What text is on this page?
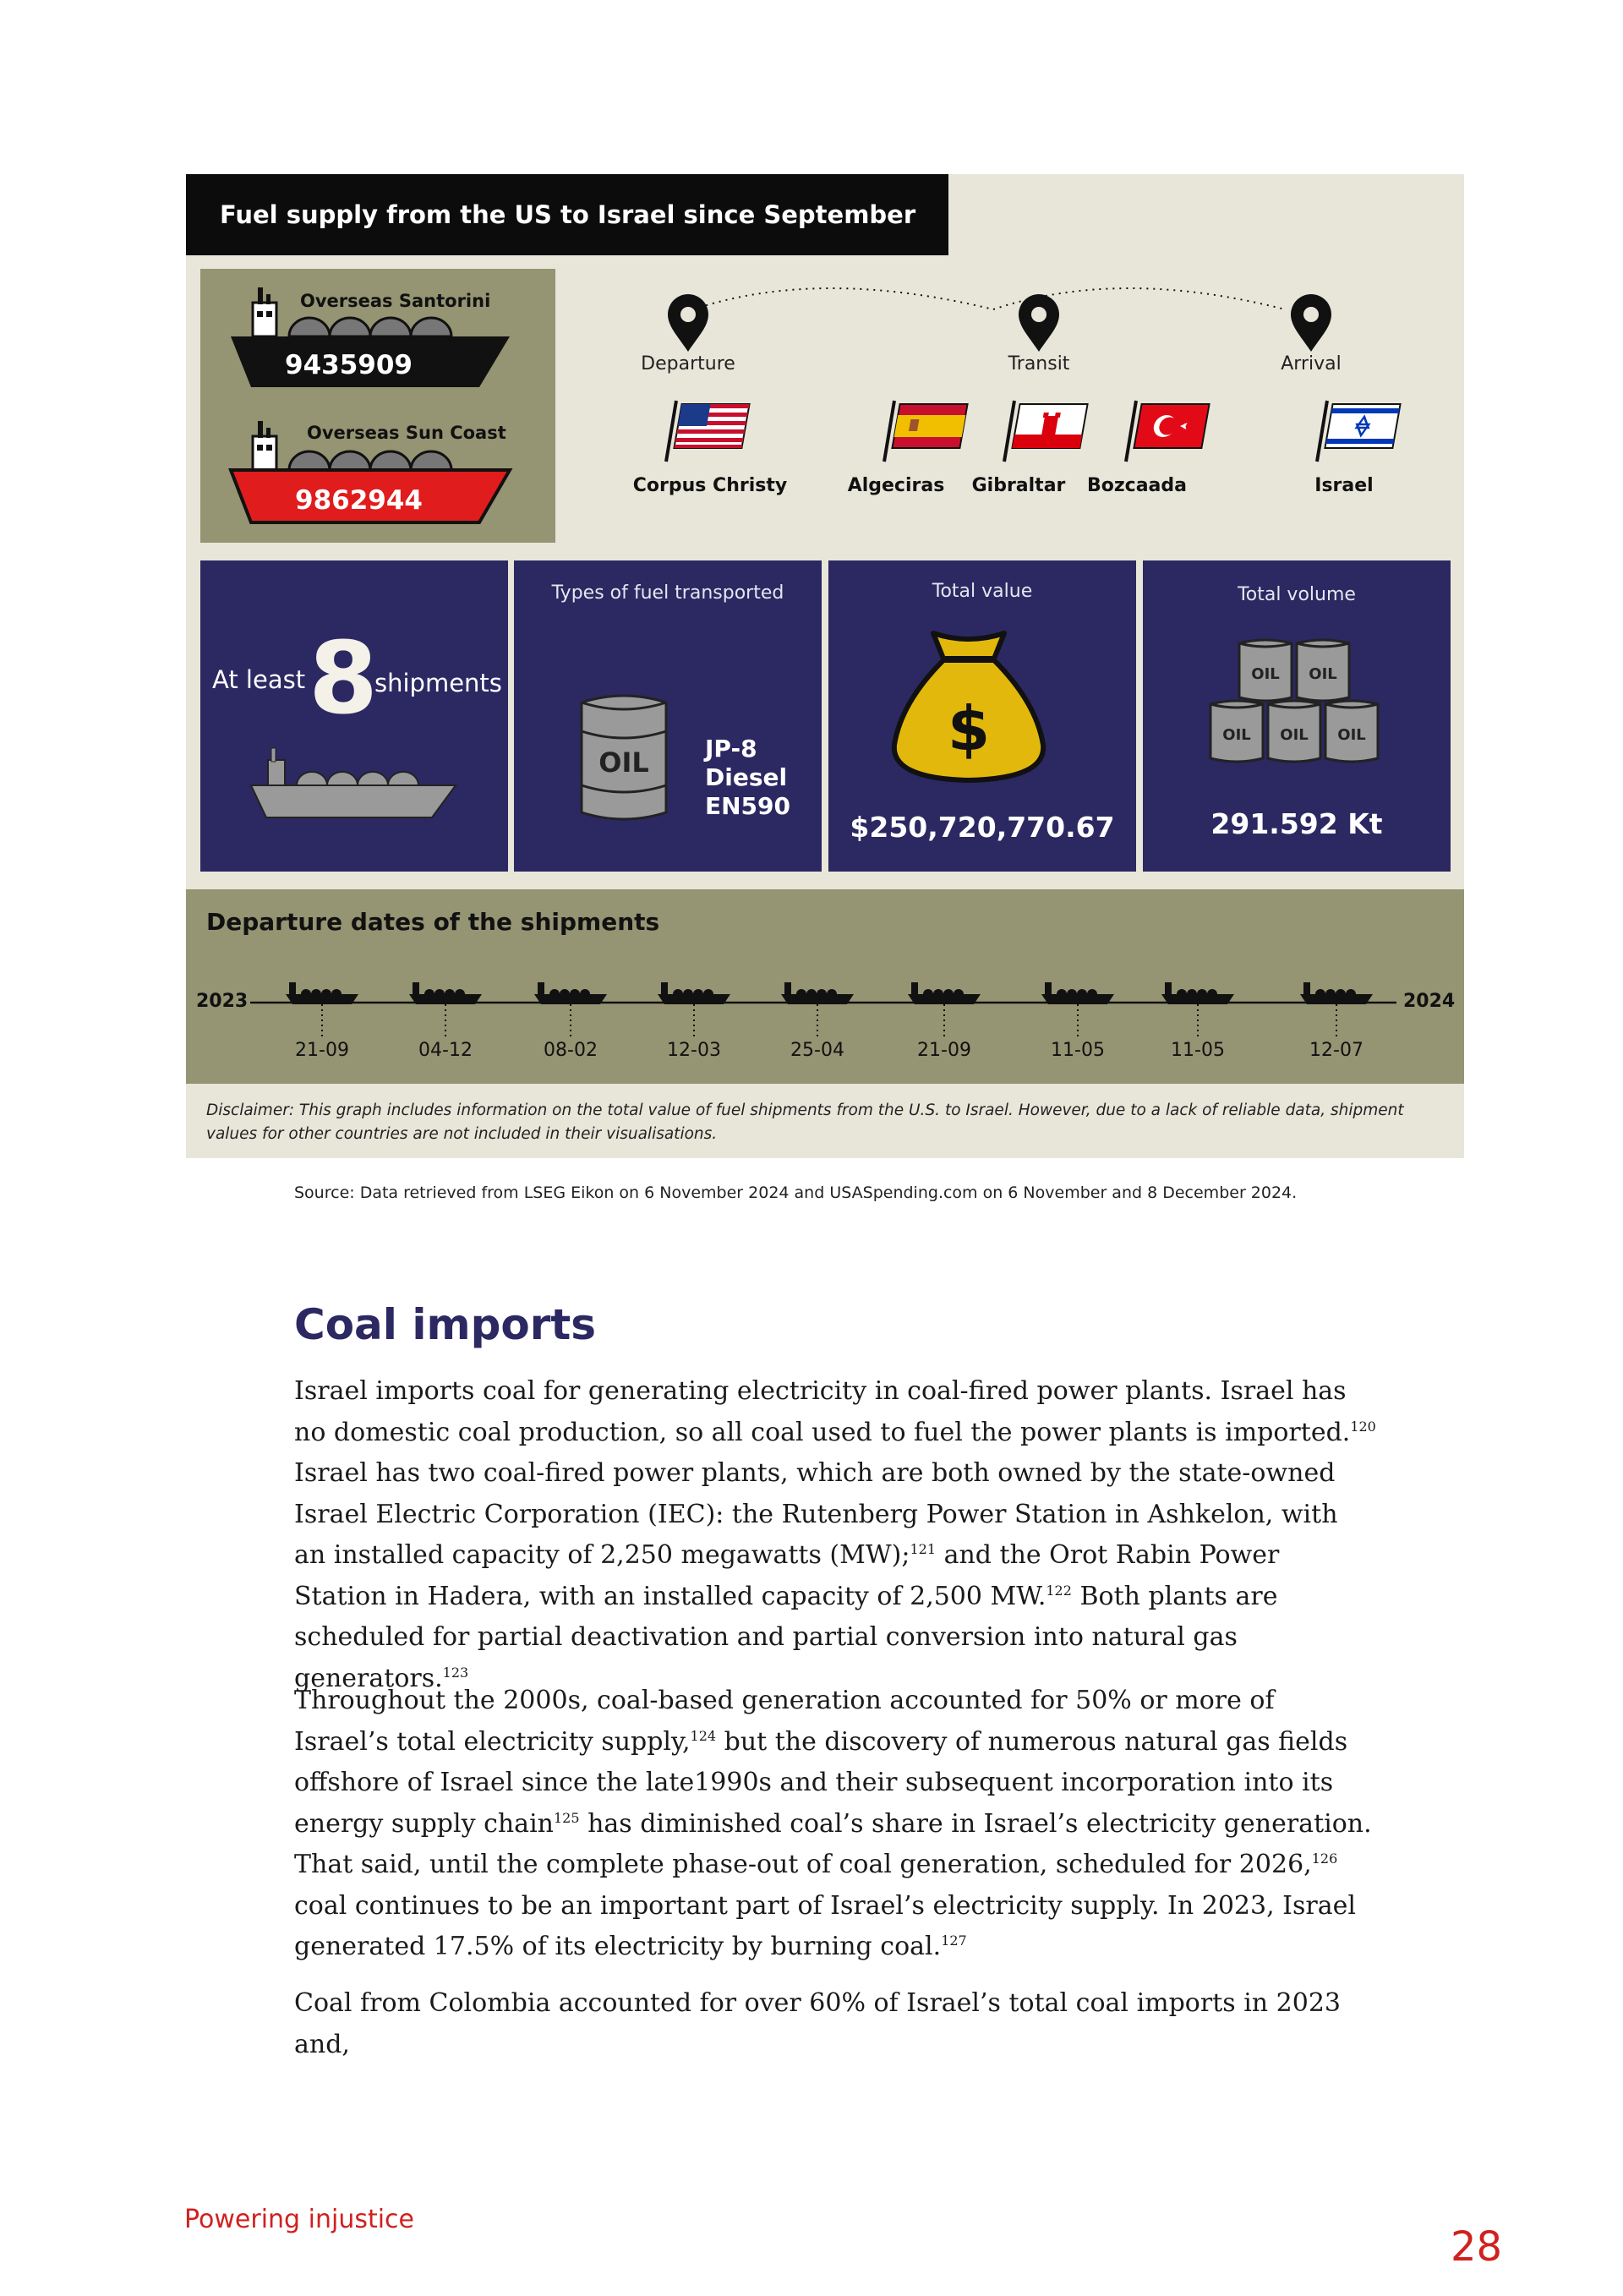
Fuel supply from the US to Israel since September
Overseas Santorini
9435909
Overseas Sun Coast
9862944
Departure	Transit	Arrival
Corpus Christy	Algeciras	Gibraltar	Bozcaada	Israel
At least 8
shipments
Types of fuel transported
OIL JP-8
Diesel
EN590
Total value
$
$250,720,770.67
Total volume
OIL OIL
OIL OIL OIL
291.592 Kt
Departure dates of the shipments
2023	2024
21-09	04-12	08-02	12-03	25-04	21-09	11-05	11-05	12-07
Disclaimer: This graph includes information on the total value of fuel shipments from the U.S. to Israel. However, due to a lack of reliable data, shipment values for other countries are not included in their visualisations.
Source: Data retrieved from LSEG Eikon on 6 November 2024 and USASpending.com on 6 November and 8 December 2024.
Coal imports
Israel imports coal for generating electricity in coal-fired power plants. Israel has no domestic coal production, so all coal used to fuel the power plants is imported.$^{120}$ Israel has two coal-fired power plants, which are both owned by the state-owned Israel Electric Corporation (IEC): the Rutenberg Power Station in Ashkelon, with an installed capacity of 2,250 megawatts (MW);$^{121}$ and the Orot Rabin Power Station in Hadera, with an installed capacity of 2,500 MW.$^{122}$ Both plants are scheduled for partial deactivation and partial conversion into natural gas generators.$^{123}$
Throughout the 2000s, coal-based generation accounted for 50% or more of Israel’s total electricity supply,$^{124}$ but the discovery of numerous natural gas fields offshore of Israel since the late1990s and their subsequent incorporation into its energy supply chain$^{125}$ has diminished coal’s share in Israel’s electricity generation. That said, until the complete phase-out of coal generation, scheduled for 2026,$^{126}$ coal continues to be an important part of Israel’s electricity supply. In 2023, Israel generated 17.5% of its electricity by burning coal.$^{127}$
Coal from Colombia accounted for over 60% of Israel’s total coal imports in 2023 and,
Powering injustice
28
